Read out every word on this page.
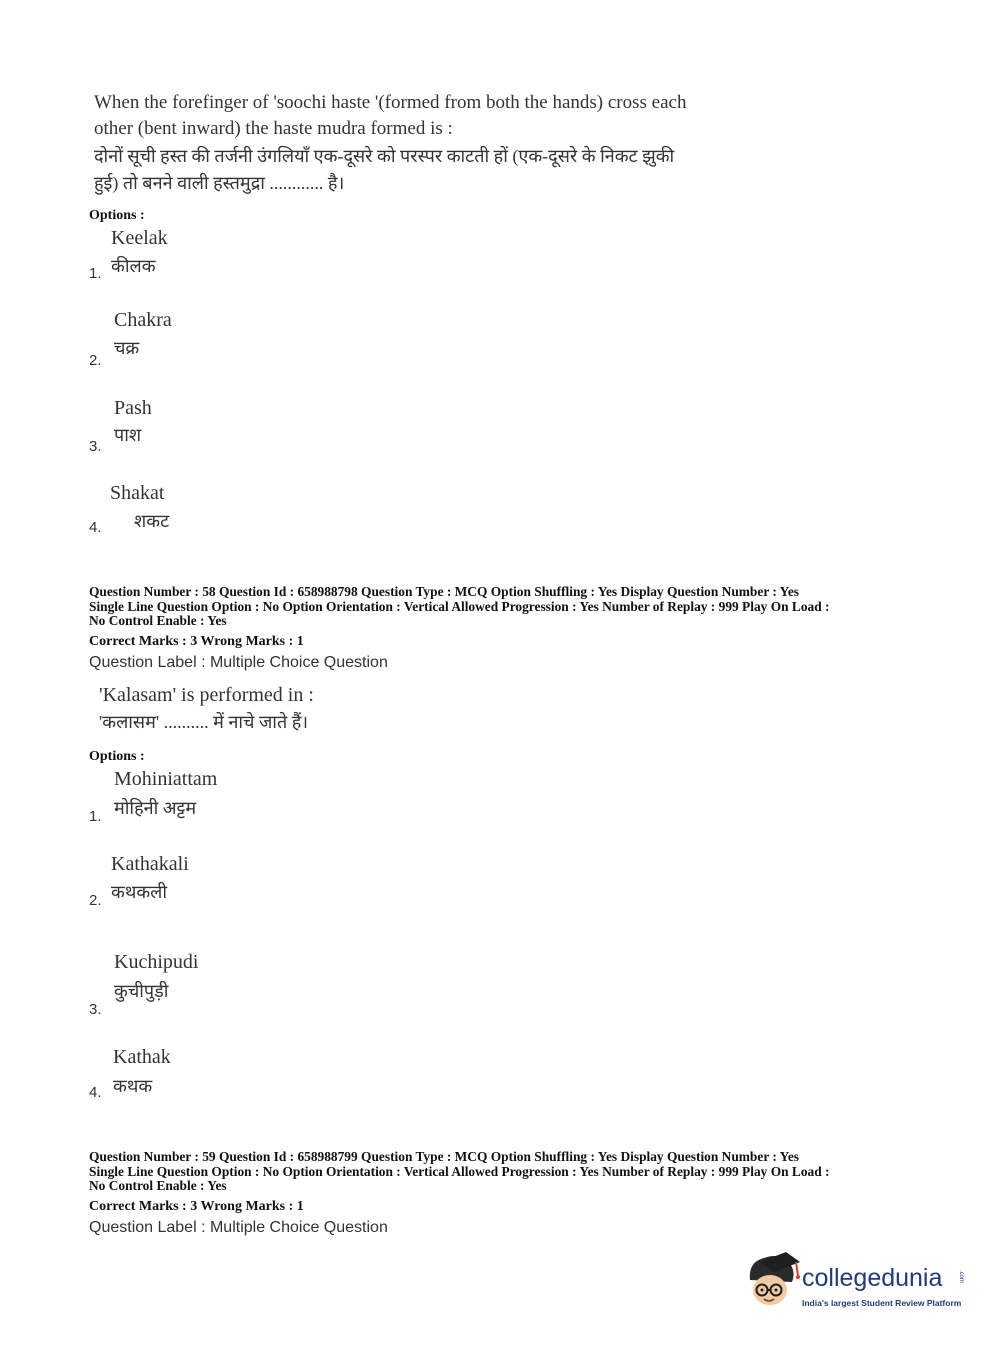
When the forefinger of 'soochi haste '(formed from both the hands) cross each
other (bent inward) the haste mudra formed is :
दोनों सूची हस्त की तर्जनी उंगलियाँ एक-दूसरे को परस्पर काटती हों (एक-दूसरे के निकट झुकी
हुई) तो बनने वाली हस्तमुद्रा ............ है।
Options :
Keelak
कीलक
1.
Chakra
चक्र
2.
Pash
पाश
3.
Shakat
शकट
4.
Question Number : 58 Question Id : 658988798 Question Type : MCQ Option Shuffling : Yes Display Question Number : Yes
Single Line Question Option : No Option Orientation : Vertical Allowed Progression : Yes Number of Replay : 999 Play On Load :
No Control Enable : Yes
Correct Marks : 3 Wrong Marks : 1
Question Label : Multiple Choice Question
'Kalasam' is performed in :
'कलासम' .......... में नाचे जाते हैं।
Options :
Mohiniattam
मोहिनी अट्टम
1.
Kathakali
कथकली
2.
Kuchipudi
कुचीपुड़ी
3.
Kathak
कथक
4.
Question Number : 59 Question Id : 658988799 Question Type : MCQ Option Shuffling : Yes Display Question Number : Yes
Single Line Question Option : No Option Orientation : Vertical Allowed Progression : Yes Number of Replay : 999 Play On Load :
No Control Enable : Yes
Correct Marks : 3 Wrong Marks : 1
Question Label : Multiple Choice Question
collegedunia	.com
India's largest Student Review Platform
